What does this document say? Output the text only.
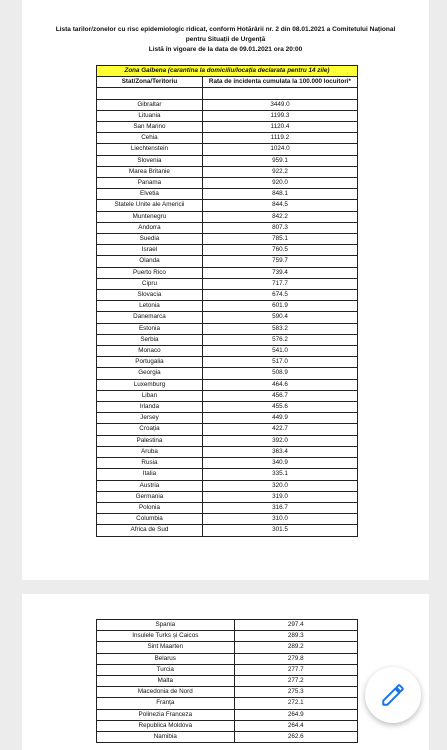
Lista tarilor/zonelor cu risc epidemiologic ridicat, conform Hotărârii nr. 2 din 08.01.2021 a Comitetului Național
pentru Situații de Urgență
Listă în vigoare de la data de 09.01.2021 ora 20:00
Zona Galbena (carantina la domiciliu/locația declarata pentru 14 zile)	
Stat/Zona/Teritoriu	Rata de incidenta cumulata la 100.000 locuitori*

Gibraltar	3449.0
Lituania	1199.3
San Marino	1120.4
Cehia	1119.2
Liechtenstein	1024.0
Slovenia	959.1
Marea Britanie	922.2
Panama	920.0
Elvetia	848.1
Statele Unite ale Americii	844.5
Muntenegru	842.2
Andorra	807.3
Suedia	785.1
Israel	760.5
Olanda	759.7
Puerto Rico	739.4
Cipru	717.7
Slovacia	674.5
Letonia	601.9
Danemarca	590.4
Estonia	583.2
Serbia	576.2
Monaco	541.0
Portugalia	517.0
Georgia	508.9
Luxemburg	464.6
Liban	456.7
Irlanda	455.6
Jersey	449.9
Croația	422.7
Palestina	392.0
Aruba	363.4
Rusia	340.9
Italia	335.1
Austria	320.0
Germania	319.0
Polonia	316.7
Columbia	310.0
Africa de Sud	301.5
Spania	297.4
Insulele Turks și Caicos	289.3
Sint Maarten	289.2
Belarus	279.8
Turcia	277.7
Malta	277.2
Macedonia de Nord	275.3
Franța	272.1
Polinezia Franceza	264.9
Republica Moldova	264.4
Namibia	262.6
